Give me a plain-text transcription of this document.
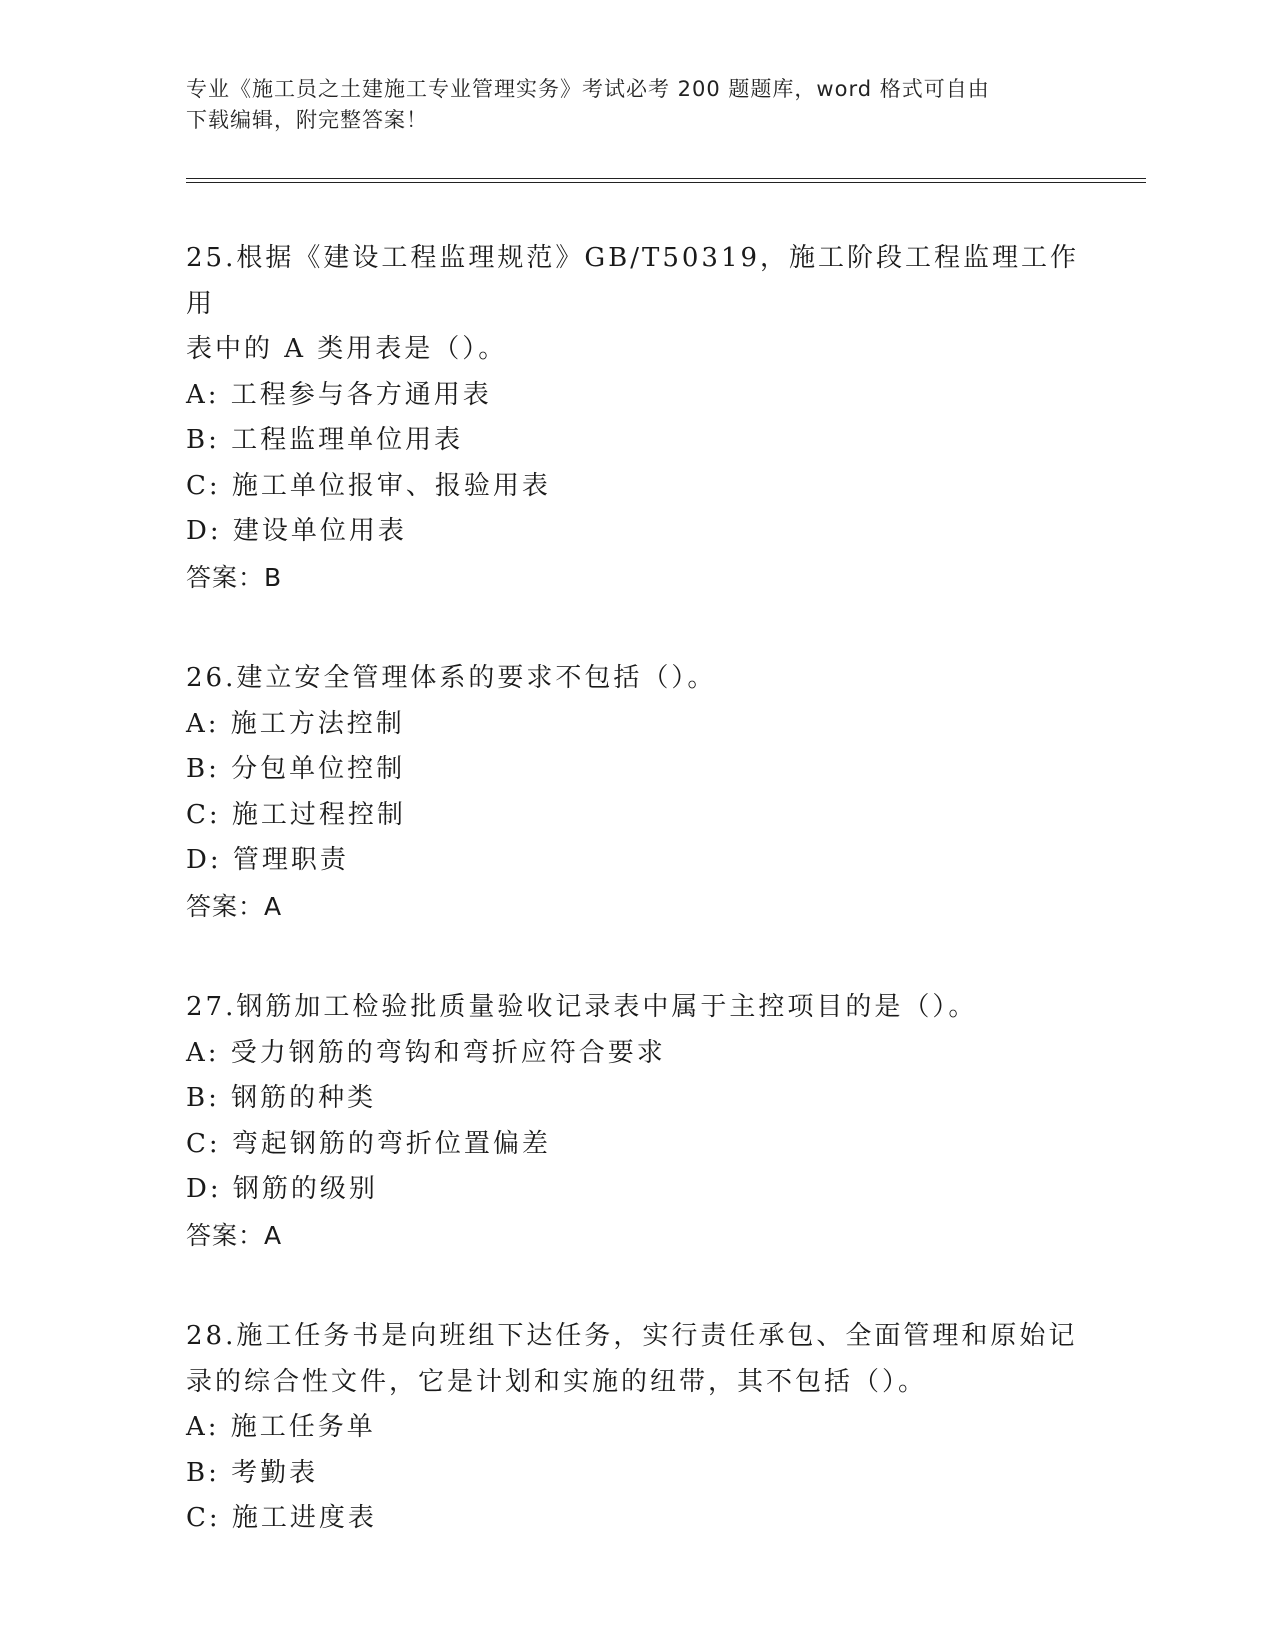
专业《施工员之土建施工专业管理实务》考试必考 200 题题库，word 格式可自由
下载编辑，附完整答案！

25.根据《建设工程监理规范》GB/T50319，施工阶段工程监理工作用

表中的 A 类用表是（）。

A: 工程参与各方通用表

B: 工程监理单位用表

C: 施工单位报审、报验用表

D: 建设单位用表

答案：B

26.建立安全管理体系的要求不包括（）。

A: 施工方法控制

B: 分包单位控制

C: 施工过程控制

D: 管理职责

答案：A

27.钢筋加工检验批质量验收记录表中属于主控项目的是（）。

A: 受力钢筋的弯钩和弯折应符合要求

B: 钢筋的种类

C: 弯起钢筋的弯折位置偏差

D: 钢筋的级别

答案：A

28.施工任务书是向班组下达任务，实行责任承包、全面管理和原始记

录的综合性文件，它是计划和实施的纽带，其不包括（）。

A: 施工任务单

B: 考勤表

C: 施工进度表
